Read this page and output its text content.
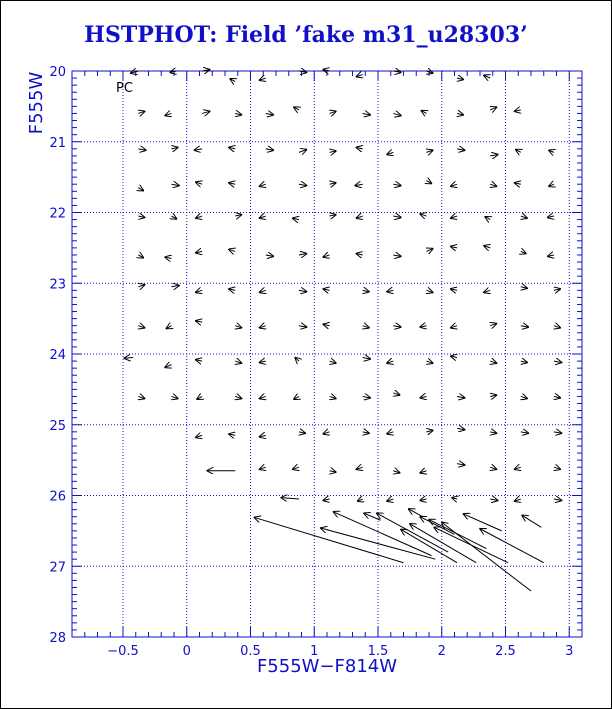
HSTPHOT: Field ’fake m31_u28303’
−0.5	0	0.5	1	1.5	2	2.5	3
20
21
22
23
24
25
26
27
28
PC
F555W−F814W
F555W
